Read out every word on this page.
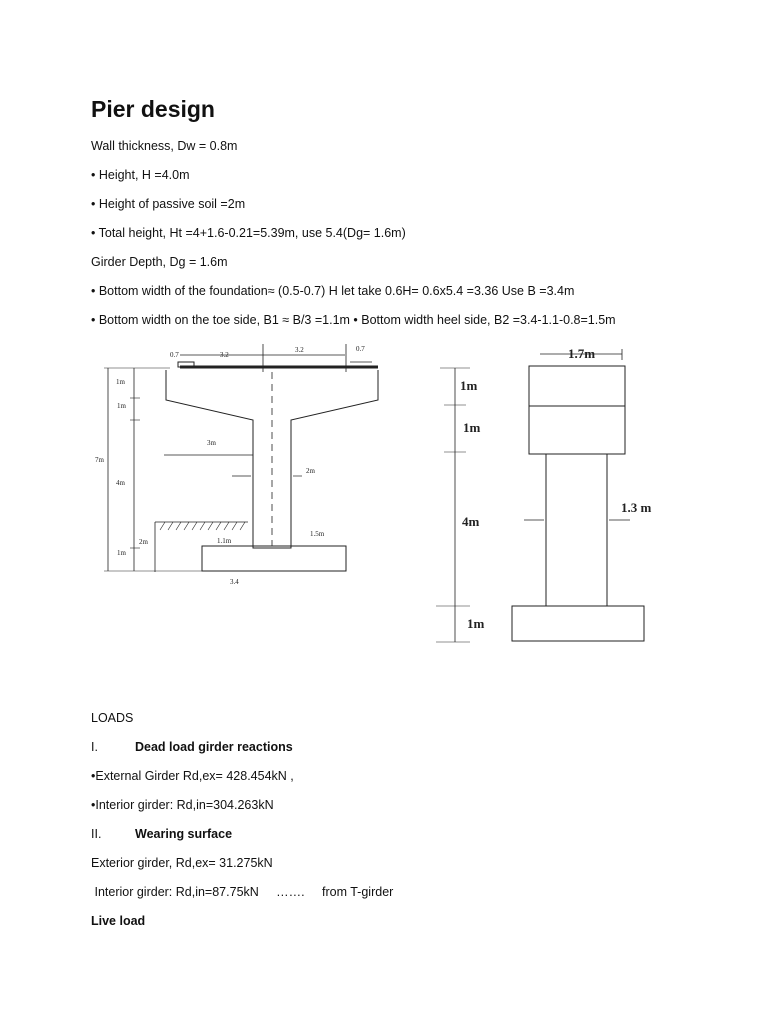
Pier design
Wall thickness, Dw = 0.8m
• Height, H =4.0m
• Height of passive soil =2m
• Total height, Ht =4+1.6-0.21=5.39m, use 5.4(Dg= 1.6m)
Girder Depth, Dg = 1.6m
• Bottom width of the foundation≈ (0.5-0.7) H let take 0.6H= 0.6x5.4 =3.36 Use B =3.4m
• Bottom width on the toe side, B1 ≈ B/3 =1.1m • Bottom width heel side, B2 =3.4-1.1-0.8=1.5m
0.7	3.2
3.2	0.7
1m
1m
7m
4m
2m
1m
3m
2m
1.1m
1.5m
3.4
1.7m
1m
1m
4m
1m
1.3 m
LOADS
I.	Dead load girder reactions
•External Girder Rd,ex= 428.454kN ,
•Interior girder: Rd,in=304.263kN
II.	Wearing surface
Exterior girder, Rd,ex= 31.275kN
Interior girder: Rd,in=87.75kN     …….     from T-girder
Live load
